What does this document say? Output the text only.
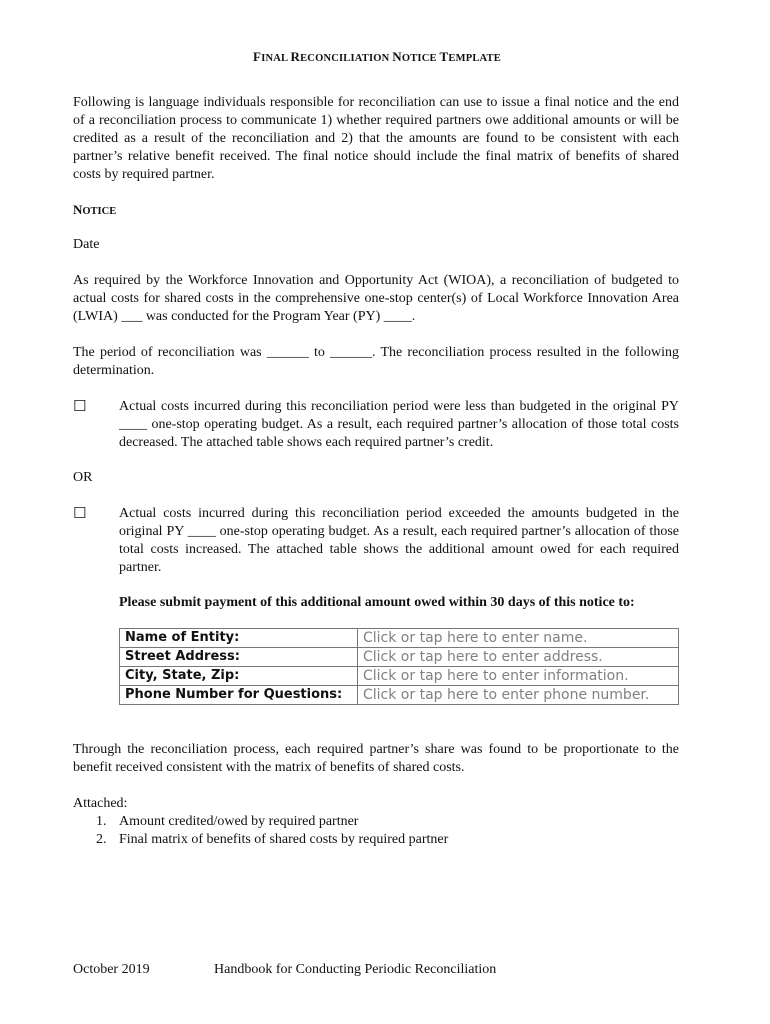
FINAL RECONCILIATION NOTICE TEMPLATE
Following is language individuals responsible for reconciliation can use to issue a final notice and the end of a reconciliation process to communicate 1) whether required partners owe additional amounts or will be credited as a result of the reconciliation and 2) that the amounts are found to be consistent with each partner’s relative benefit received. The final notice should include the final matrix of benefits of shared costs by required partner.
NOTICE
Date
As required by the Workforce Innovation and Opportunity Act (WIOA), a reconciliation of budgeted to actual costs for shared costs in the comprehensive one-stop center(s) of Local Workforce Innovation Area (LWIA) ___ was conducted for the Program Year (PY) ____.
The period of reconciliation was ______ to ______. The reconciliation process resulted in the following determination.
☐ Actual costs incurred during this reconciliation period were less than budgeted in the original PY ____ one-stop operating budget. As a result, each required partner’s allocation of those total costs decreased. The attached table shows each required partner’s credit.
OR
☐ Actual costs incurred during this reconciliation period exceeded the amounts budgeted in the original PY ____ one-stop operating budget. As a result, each required partner’s allocation of those total costs increased. The attached table shows the additional amount owed for each required partner.
Please submit payment of this additional amount owed within 30 days of this notice to:
Name of Entity:	Click or tap here to enter name.
Street Address:	Click or tap here to enter address.
City, State, Zip:	Click or tap here to enter information.
Phone Number for Questions:	Click or tap here to enter phone number.
Through the reconciliation process, each required partner’s share was found to be proportionate to the benefit received consistent with the matrix of benefits of shared costs.
Attached:
1. Amount credited/owed by required partner
2. Final matrix of benefits of shared costs by required partner
October 2019	Handbook for Conducting Periodic Reconciliation
